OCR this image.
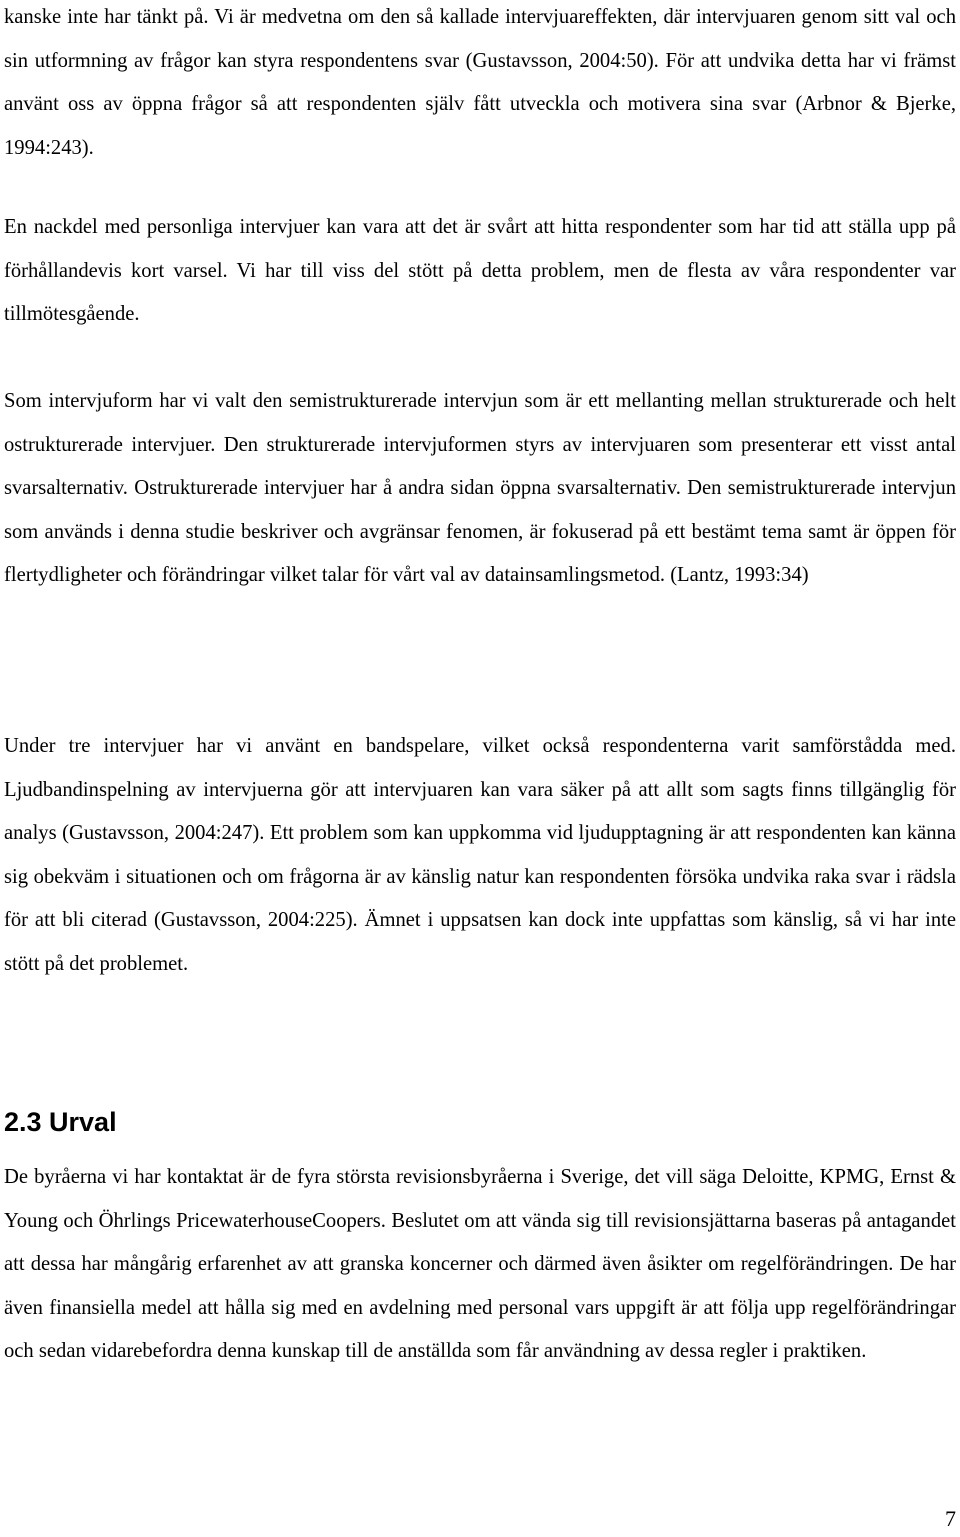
kanske inte har tänkt på. Vi är medvetna om den så kallade intervjuareffekten, där intervjuaren genom sitt val och sin utformning av frågor kan styra respondentens svar (Gustavsson, 2004:50). För att undvika detta har vi främst använt oss av öppna frågor så att respondenten själv fått utveckla och motivera sina svar (Arbnor & Bjerke, 1994:243).

En nackdel med personliga intervjuer kan vara att det är svårt att hitta respondenter som har tid att ställa upp på förhållandevis kort varsel. Vi har till viss del stött på detta problem, men de flesta av våra respondenter var tillmötesgående.

Som intervjuform har vi valt den semistrukturerade intervjun som är ett mellanting mellan strukturerade och helt ostrukturerade intervjuer. Den strukturerade intervjuformen styrs av intervjuaren som presenterar ett visst antal svarsalternativ. Ostrukturerade intervjuer har å andra sidan öppna svarsalternativ. Den semistrukturerade intervjun som används i denna studie beskriver och avgränsar fenomen, är fokuserad på ett bestämt tema samt är öppen för flertydligheter och förändringar vilket talar för vårt val av datainsamlingsmetod. (Lantz, 1993:34)

Under tre intervjuer har vi använt en bandspelare, vilket också respondenterna varit samförstådda med. Ljudbandinspelning av intervjuerna gör att intervjuaren kan vara säker på att allt som sagts finns tillgänglig för analys (Gustavsson, 2004:247). Ett problem som kan uppkomma vid ljudupptagning är att respondenten kan känna sig obekväm i situationen och om frågorna är av känslig natur kan respondenten försöka undvika raka svar i rädsla för att bli citerad (Gustavsson, 2004:225). Ämnet i uppsatsen kan dock inte uppfattas som känslig, så vi har inte stött på det problemet.

2.3 Urval

De byråerna vi har kontaktat är de fyra största revisionsbyråerna i Sverige, det vill säga Deloitte, KPMG, Ernst & Young och Öhrlings PricewaterhouseCoopers. Beslutet om att vända sig till revisionsjättarna baseras på antagandet att dessa har mångårig erfarenhet av att granska koncerner och därmed även åsikter om regelförändringen. De har även finansiella medel att hålla sig med en avdelning med personal vars uppgift är att följa upp regelförändringar och sedan vidarebefordra denna kunskap till de anställda som får användning av dessa regler i praktiken.

7
